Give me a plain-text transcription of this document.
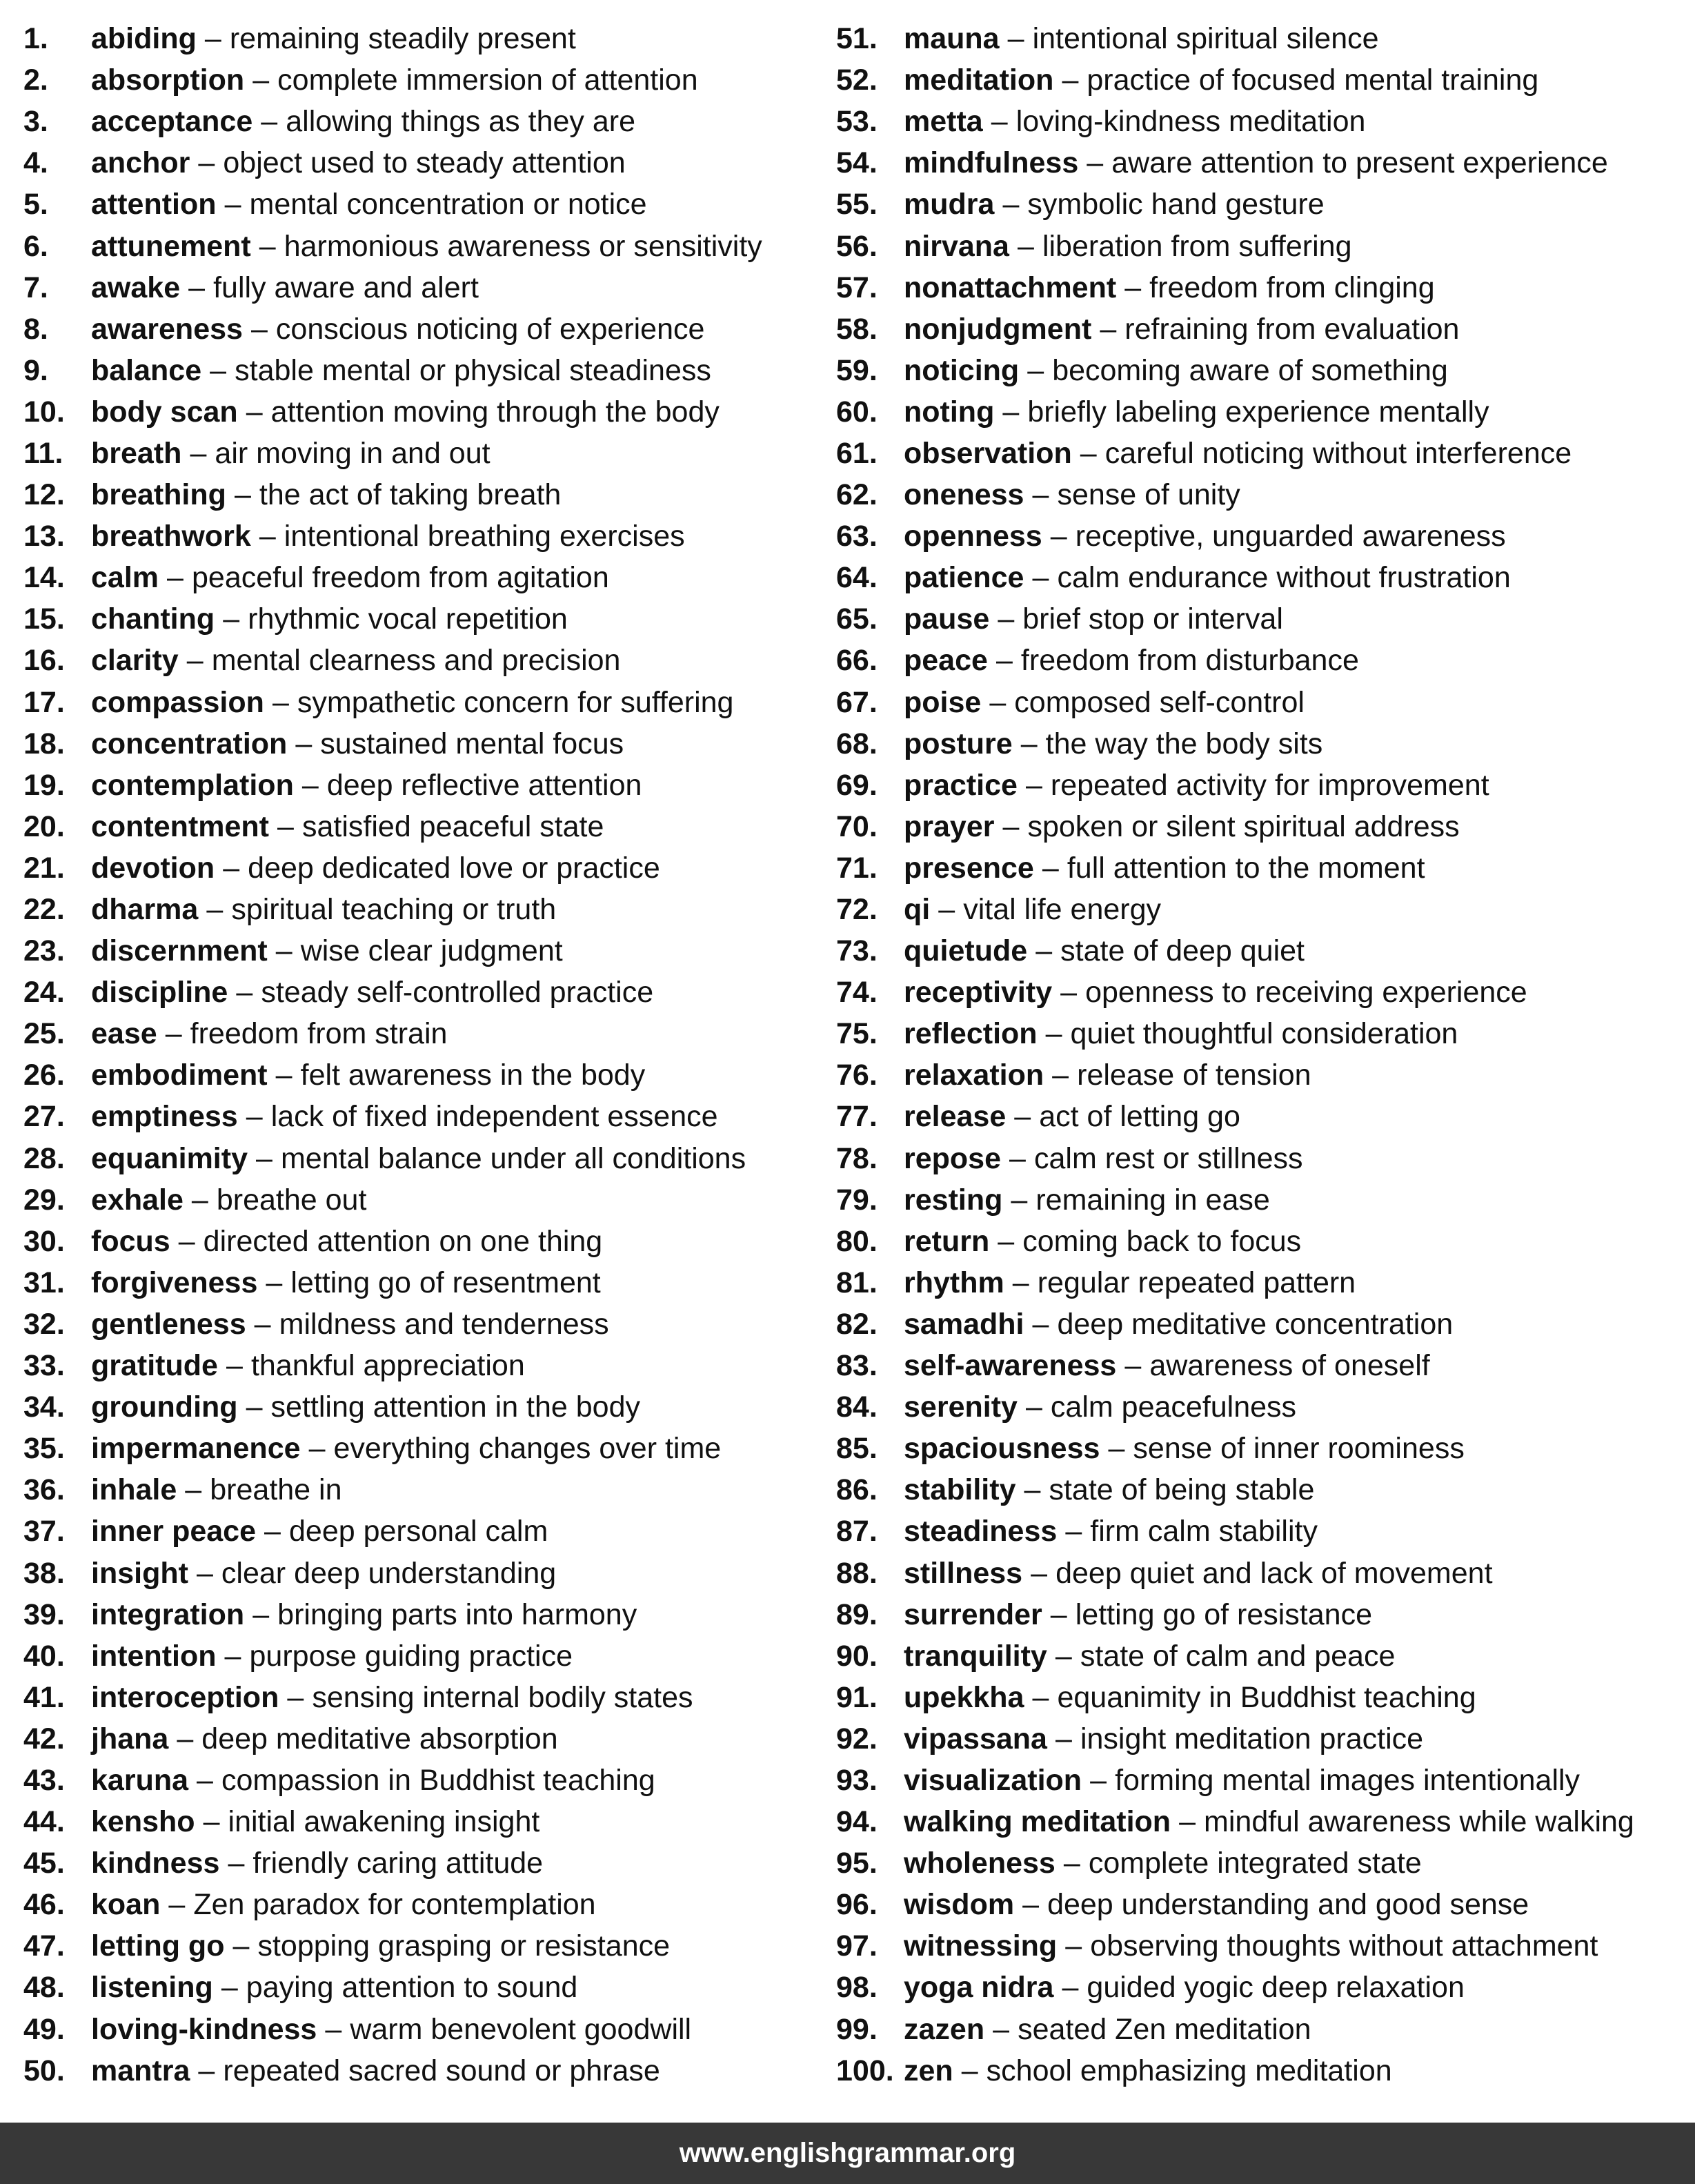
1.	abiding – remaining steadily present
2.	absorption – complete immersion of attention
3.	acceptance – allowing things as they are
4.	anchor – object used to steady attention
5.	attention – mental concentration or notice
6.	attunement – harmonious awareness or sensitivity
7.	awake – fully aware and alert
8.	awareness – conscious noticing of experience
9.	balance – stable mental or physical steadiness
10. body scan – attention moving through the body
11. breath – air moving in and out
12. breathing – the act of taking breath
13. breathwork – intentional breathing exercises
14. calm – peaceful freedom from agitation
15. chanting – rhythmic vocal repetition
16. clarity – mental clearness and precision
17. compassion – sympathetic concern for suffering
18. concentration – sustained mental focus
19. contemplation – deep reflective attention
20. contentment – satisfied peaceful state
21. devotion – deep dedicated love or practice
22. dharma – spiritual teaching or truth
23. discernment – wise clear judgment
24. discipline – steady self-controlled practice
25. ease – freedom from strain
26. embodiment – felt awareness in the body
27. emptiness – lack of fixed independent essence
28. equanimity – mental balance under all conditions
29. exhale – breathe out
30. focus – directed attention on one thing
31. forgiveness – letting go of resentment
32. gentleness – mildness and tenderness
33. gratitude – thankful appreciation
34. grounding – settling attention in the body
35. impermanence – everything changes over time
36. inhale – breathe in
37. inner peace – deep personal calm
38. insight – clear deep understanding
39. integration – bringing parts into harmony
40. intention – purpose guiding practice
41. interoception – sensing internal bodily states
42. jhana – deep meditative absorption
43. karuna – compassion in Buddhist teaching
44. kensho – initial awakening insight
45. kindness – friendly caring attitude
46. koan – Zen paradox for contemplation
47. letting go – stopping grasping or resistance
48. listening – paying attention to sound
49. loving-kindness – warm benevolent goodwill
50. mantra – repeated sacred sound or phrase
51. mauna – intentional spiritual silence
52. meditation – practice of focused mental training
53. metta – loving-kindness meditation
54. mindfulness – aware attention to present experience
55. mudra – symbolic hand gesture
56. nirvana – liberation from suffering
57. nonattachment – freedom from clinging
58. nonjudgment – refraining from evaluation
59. noticing – becoming aware of something
60. noting – briefly labeling experience mentally
61. observation – careful noticing without interference
62. oneness – sense of unity
63. openness – receptive, unguarded awareness
64. patience – calm endurance without frustration
65. pause – brief stop or interval
66. peace – freedom from disturbance
67. poise – composed self-control
68. posture – the way the body sits
69. practice – repeated activity for improvement
70. prayer – spoken or silent spiritual address
71. presence – full attention to the moment
72. qi – vital life energy
73. quietude – state of deep quiet
74. receptivity – openness to receiving experience
75. reflection – quiet thoughtful consideration
76. relaxation – release of tension
77. release – act of letting go
78. repose – calm rest or stillness
79. resting – remaining in ease
80. return – coming back to focus
81. rhythm – regular repeated pattern
82. samadhi – deep meditative concentration
83. self-awareness – awareness of oneself
84. serenity – calm peacefulness
85. spaciousness – sense of inner roominess
86. stability – state of being stable
87. steadiness – firm calm stability
88. stillness – deep quiet and lack of movement
89. surrender – letting go of resistance
90. tranquility – state of calm and peace
91. upekkha – equanimity in Buddhist teaching
92. vipassana – insight meditation practice
93. visualization – forming mental images intentionally
94. walking meditation – mindful awareness while walking
95. wholeness – complete integrated state
96. wisdom – deep understanding and good sense
97. witnessing – observing thoughts without attachment
98. yoga nidra – guided yogic deep relaxation
99. zazen – seated Zen meditation
100. zen – school emphasizing meditation
www.englishgrammar.org
